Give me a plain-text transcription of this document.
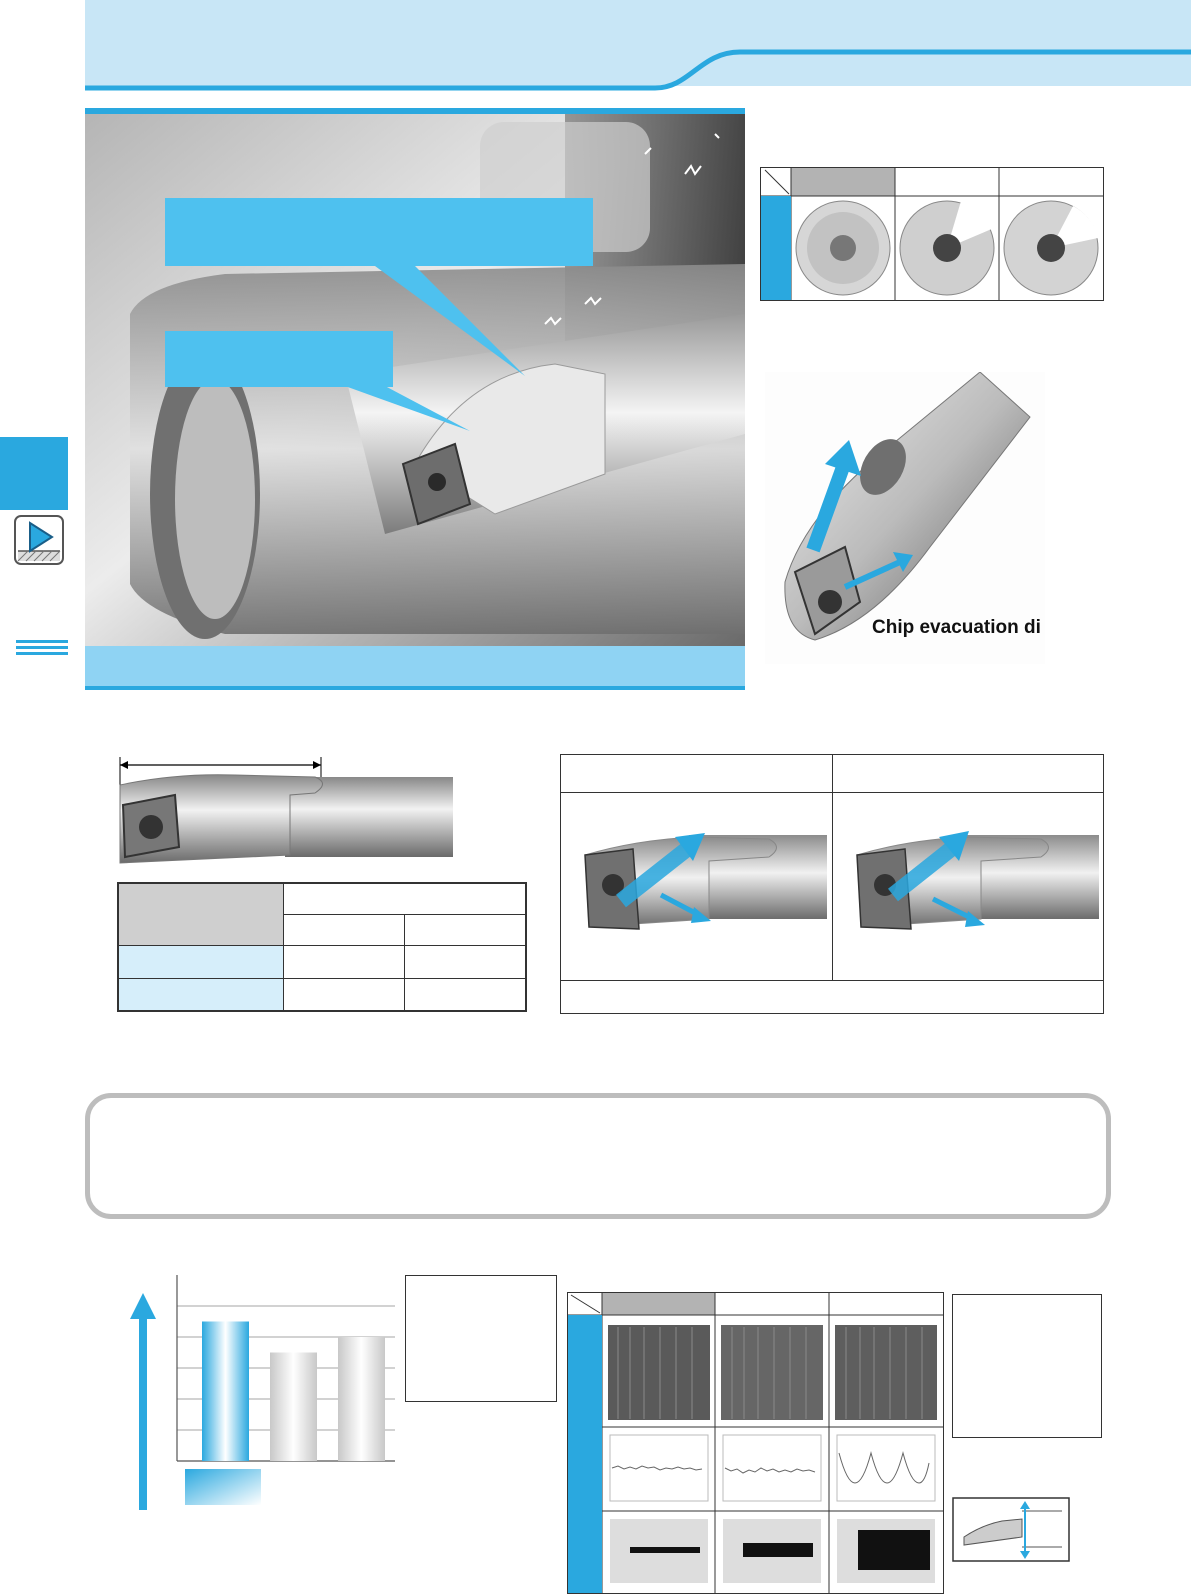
Chip evacuation di
